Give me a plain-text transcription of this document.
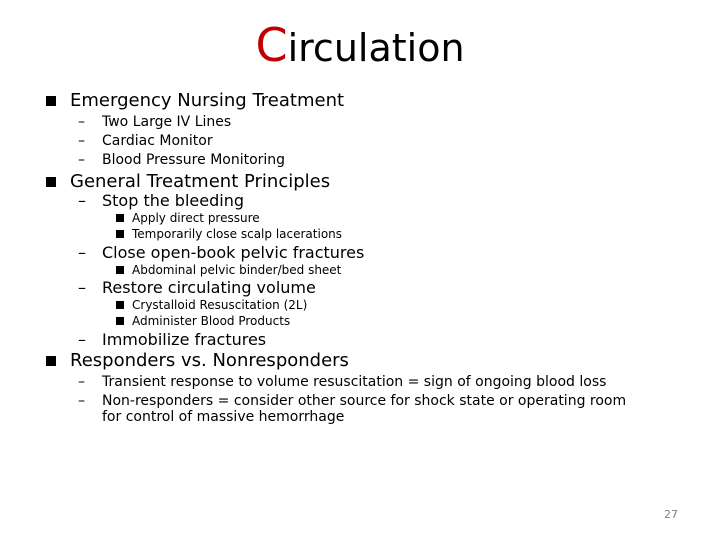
Circulation
Emergency Nursing Treatment
– Two Large IV Lines
– Cardiac Monitor
– Blood Pressure Monitoring
General Treatment Principles
– Stop the bleeding
Apply direct pressure
Temporarily close scalp lacerations
– Close open-book pelvic fractures
Abdominal pelvic binder/bed sheet
– Restore circulating volume
Crystalloid Resuscitation (2L)
Administer Blood Products
– Immobilize fractures
Responders vs. Nonresponders
– Transient response to volume resuscitation = sign of ongoing blood loss
– Non-responders = consider other source for shock state or operating room
for control of massive hemorrhage
27
